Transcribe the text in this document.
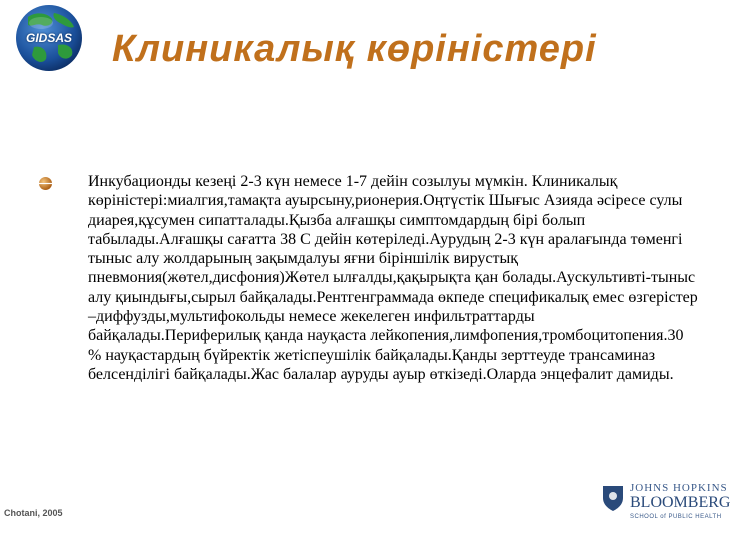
GIDSAS	Клиникалық көріністері

Инкубационды кезеңі 2-3 күн немесе 1-7 дейін созылуы мүмкін. Клиникалық көріністері:миалгия,тамақта ауырсыну,рионерия.Оңтүстік Шығыс Азияда әсіресе сулы диарея,құсумен сипатталады.Қызба алғашқы симптомдардың бірі болып табылады.Алғашқы сағатта 38 С дейін көтеріледі.Аурудың 2-3 күн аралағында төменгі тыныс алу жолдарының зақымдалуы яғни біріншілік вирустық пневмония(жөтел,дисфония)Жөтел ылғалды,қақырықта қан болады.Аускультивті-тыныс алу қиындығы,сырыл байқалады.Рентгенграммада өкпеде спецификалық емес өзгерістер –диффузды,мультифокольды немесе жекелеген инфильтраттарды байқалады.Периферилық қанда науқаста лейкопения,лимфопения,тромбоцитопения.30 % науқастардың бүйректік жетіспеушілік байқалады.Қанды зерттеуде трансаминаз белсенділігі байқалады.Жас балалар ауруды ауыр өткізеді.Оларда энцефалит дамиды.

Chotani, 2005
JOHNS HOPKINS
BLOOMBERG
SCHOOL of PUBLIC HEALTH
